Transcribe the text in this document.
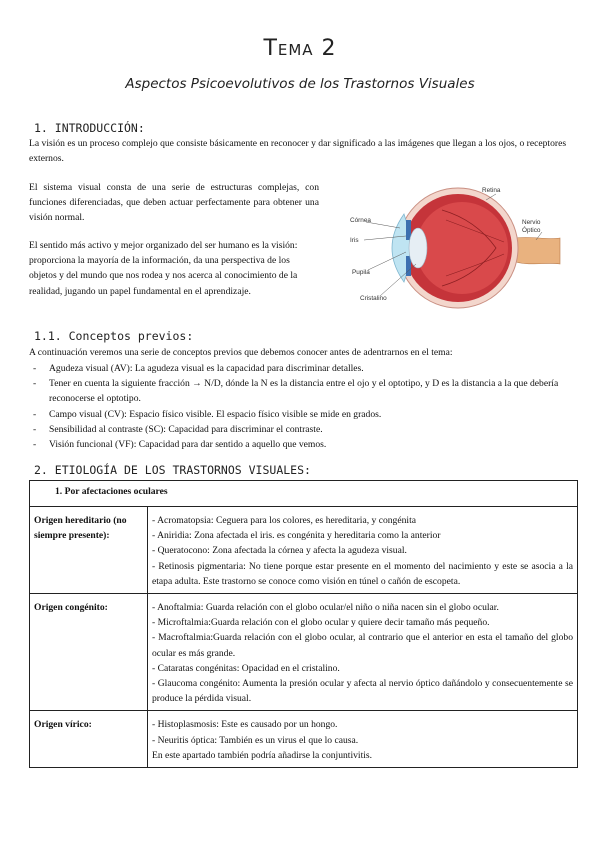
Tema 2
Aspectos Psicoevolutivos de los Trastornos Visuales
1. INTRODUCCIÓN:

La visión es un proceso complejo que consiste básicamente en reconocer y dar significado a las imágenes que llegan a los ojos, o receptores externos.

El sistema visual consta de una serie de estructuras complejas, con funciones diferenciadas, que deben actuar perfectamente para obtener una visión normal.

El sentido más activo y mejor organizado del ser humano es la visión: proporciona la mayoría de la información, da una perspectiva de los objetos y del mundo que nos rodea y nos acerca al conocimiento de la realidad, jugando un papel fundamental en el aprendizaje.

Retina
Córnea
Iris
Nervio
Óptico
Pupila
Cristalino
1.1. Conceptos previos:

A continuación veremos una serie de conceptos previos que debemos conocer antes de adentrarnos en el tema:

- Agudeza visual (AV): La agudeza visual es la capacidad para discriminar detalles.
- Tener en cuenta la siguiente fracción → N/D, dónde la N es la distancia entre el ojo y el optotipo, y D es la distancia a la que debería reconocerse el optotipo.
- Campo visual (CV): Espacio físico visible. El espacio físico visible se mide en grados.
- Sensibilidad al contraste (SC): Capacidad para discriminar el contraste.
- Visión funcional (VF): Capacidad para dar sentido a aquello que vemos.
2. ETIOLOGÍA DE LOS TRASTORNOS VISUALES:
1. Por afectaciones oculares	
Origen hereditario (no siempre presente):	- Acromatopsia: Ceguera para los colores, es hereditaria, y congénita
- Aniridia: Zona afectada el iris. es congénita y hereditaria como la anterior
- Queratocono: Zona afectada la córnea y afecta la agudeza visual.
- Retinosis pigmentaria: No tiene porque estar presente en el momento del nacimiento y este se asocia a la etapa adulta. Este trastorno se conoce como visión en túnel o cañón de escopeta.

Origen congénito:	- Anoftalmia: Guarda relación con el globo ocular/el niño o niña nacen sin el globo ocular.
- Microftalmia:Guarda relación con el globo ocular y quiere decir tamaño más pequeño.
- Macroftalmia:Guarda relación con el globo ocular, al contrario que el anterior en esta el tamaño del globo ocular es más grande.
- Cataratas congénitas: Opacidad en el cristalino.
- Glaucoma congénito: Aumenta la presión ocular y afecta al nervio óptico dañándolo y consecuentemente se produce la pérdida visual.

Origen vírico:	- Histoplasmosis: Este es causado por un hongo.
- Neuritis óptica: También es un virus el que lo causa.
En este apartado también podría añadirse la conjuntivitis.
